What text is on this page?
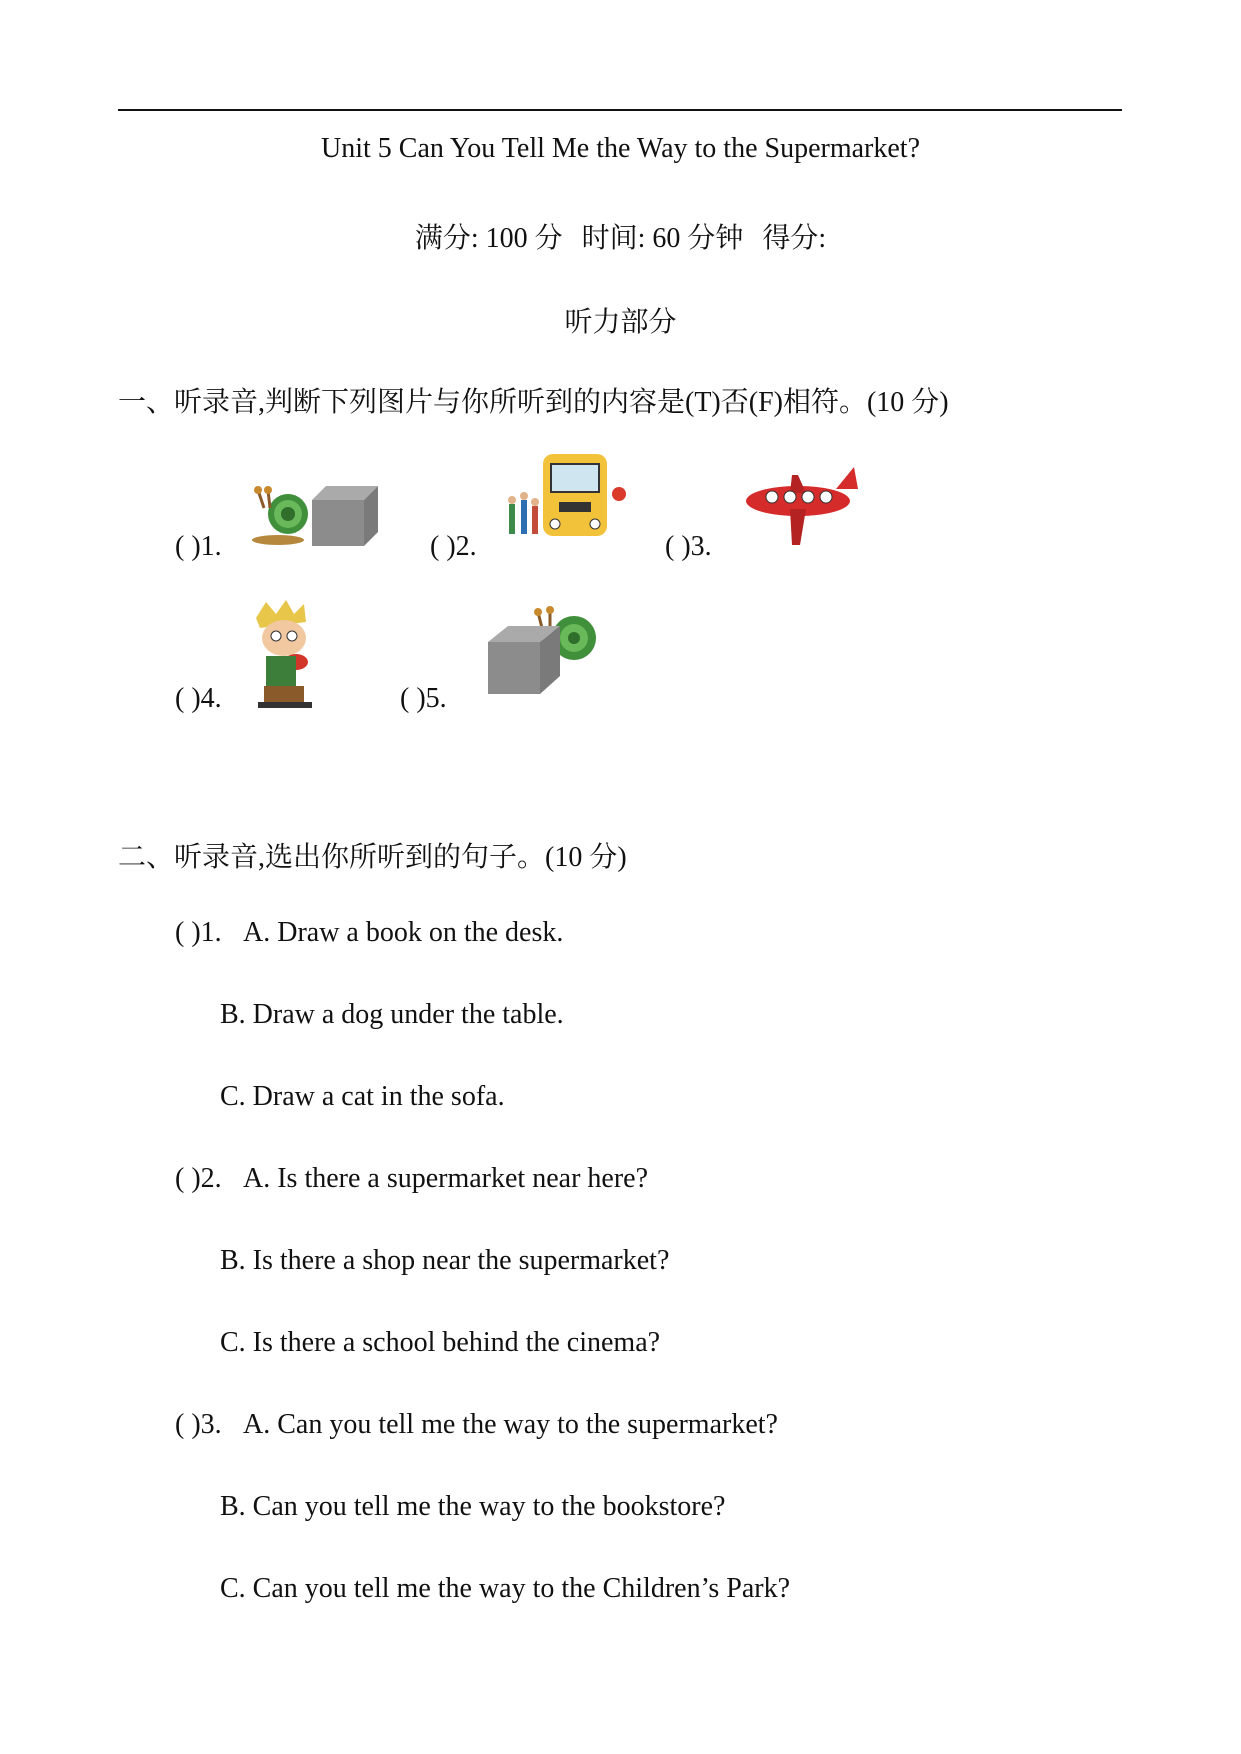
Unit 5 Can You Tell Me the Way to the Supermarket?
满分: 100 分 时间: 60 分钟 得分:
听力部分
一、听录音,判断下列图片与你所听到的内容是(T)否(F)相符。(10 分)
( )1.	( )2.	( )3.
( )4.	( )5.
二、听录音,选出你所听到的句子。(10 分)
( )1. A. Draw a book on the desk.
B. Draw a dog under the table.
C. Draw a cat in the sofa.
( )2. A. Is there a supermarket near here?
B. Is there a shop near the supermarket?
C. Is there a school behind the cinema?
( )3. A. Can you tell me the way to the supermarket?
B. Can you tell me the way to the bookstore?
C. Can you tell me the way to the Children’s Park?
